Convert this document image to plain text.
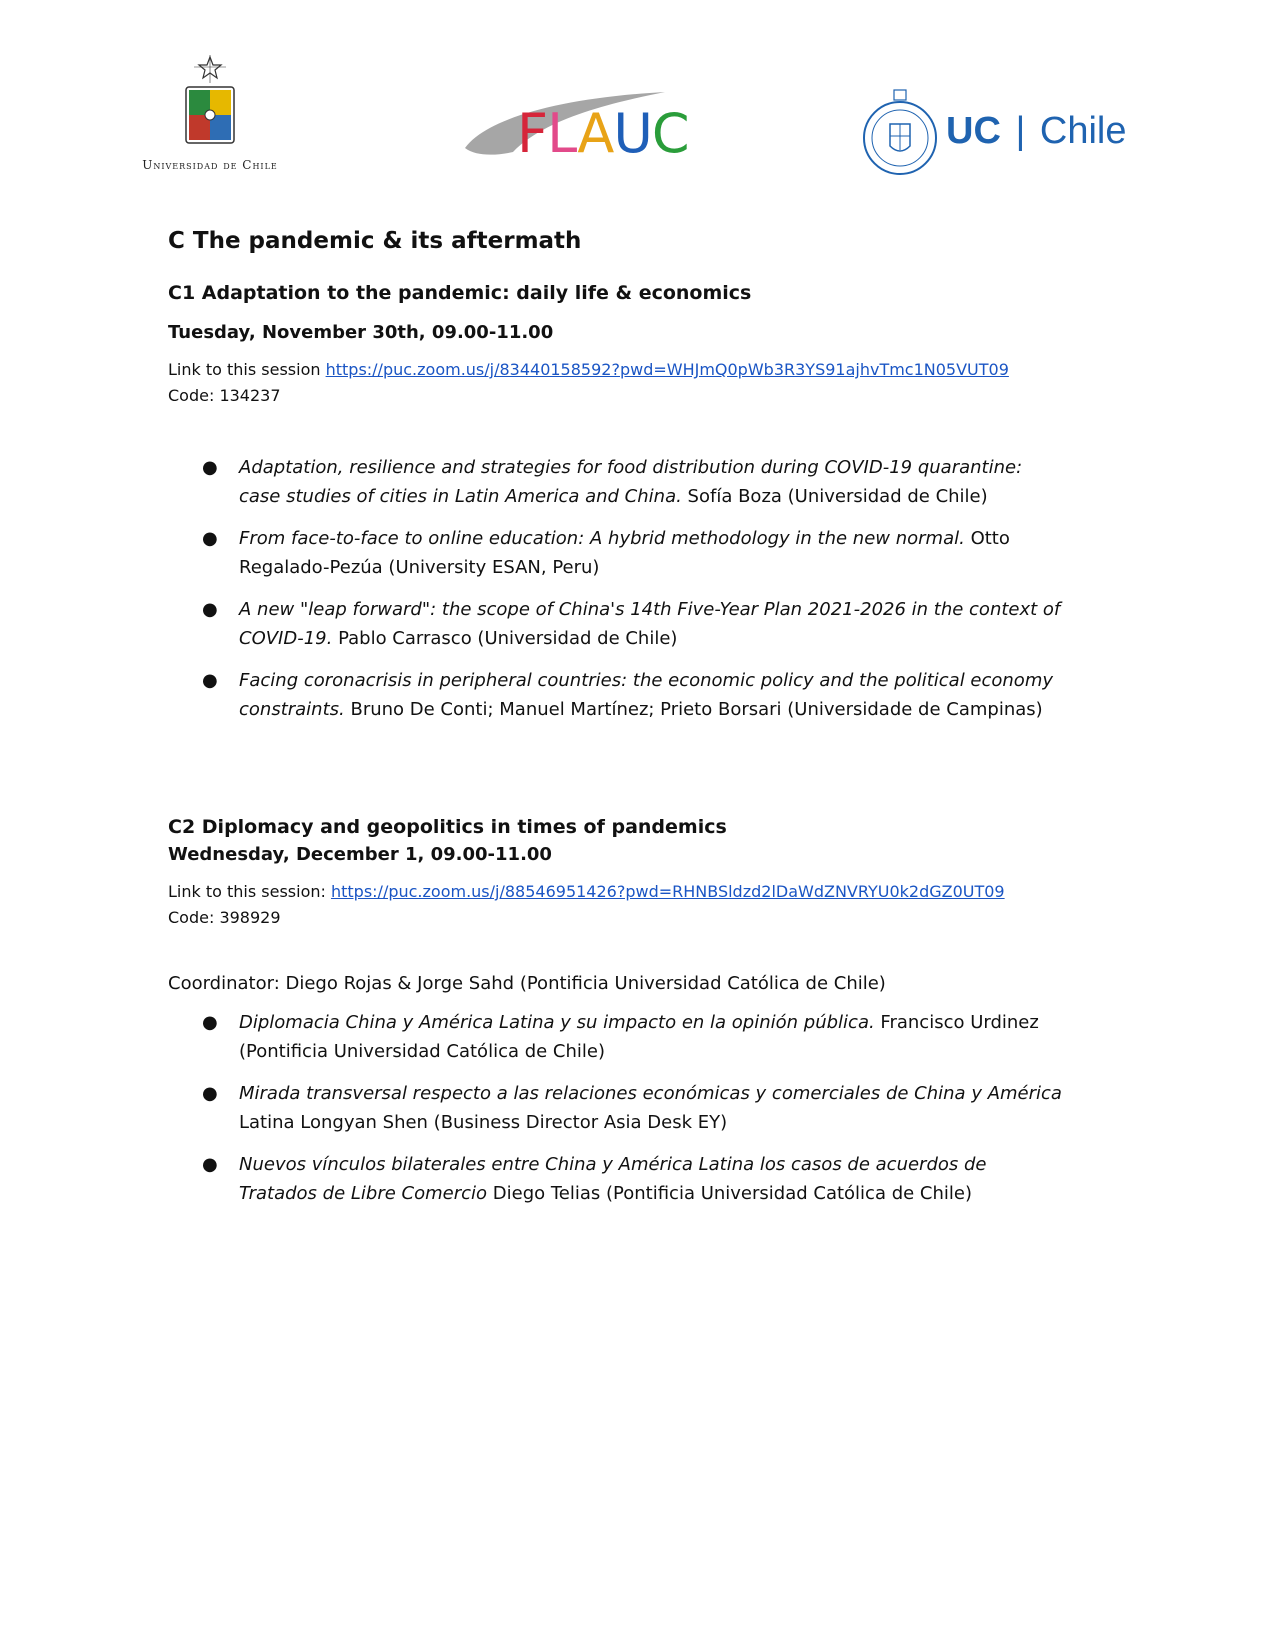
Universidad de Chile	FLAUC	UC | Chile
C The pandemic & its aftermath
C1 Adaptation to the pandemic: daily life & economics

Tuesday, November 30th, 09.00-11.00

Link to this session https://puc.zoom.us/j/83440158592?pwd=WHJmQ0pWb3R3YS91ajhvTmc1N05VUT09

Code: 134237

● Adaptation, resilience and strategies for food distribution during COVID-19 quarantine: case studies of cities in Latin America and China. Sofía Boza (Universidad de Chile)
● From face-to-face to online education: A hybrid methodology in the new normal. Otto Regalado-Pezúa (University ESAN, Peru)
● A new "leap forward": the scope of China's 14th Five-Year Plan 2021-2026 in the context of COVID-19. Pablo Carrasco (Universidad de Chile)
● Facing coronacrisis in peripheral countries: the economic policy and the political economy constraints. Bruno De Conti; Manuel Martínez; Prieto Borsari (Universidade de Campinas)
C2 Diplomacy and geopolitics in times of pandemics

Wednesday, December 1, 09.00-11.00

Link to this session: https://puc.zoom.us/j/88546951426?pwd=RHNBSldzd2lDaWdZNVRYU0k2dGZ0UT09

Code: 398929

Coordinator: Diego Rojas & Jorge Sahd (Pontificia Universidad Católica de Chile)

● Diplomacia China y América Latina y su impacto en la opinión pública. Francisco Urdinez (Pontificia Universidad Católica de Chile)
● Mirada transversal respecto a las relaciones económicas y comerciales de China y América Latina Longyan Shen (Business Director Asia Desk EY)
● Nuevos vínculos bilaterales entre China y América Latina los casos de acuerdos de Tratados de Libre Comercio Diego Telias (Pontificia Universidad Católica de Chile)
